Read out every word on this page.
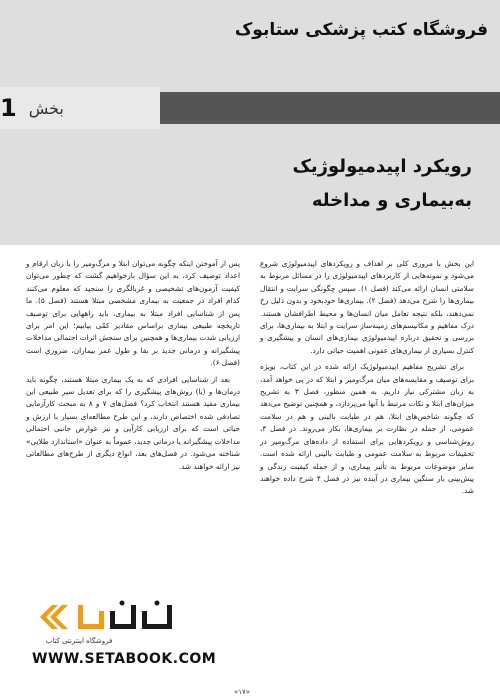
فروشگاه کتب پزشکی ستابوک
بخش
1
رویکرد اپیدمیولوژیک
به‌بیماری و مداخله

این بخش با مروری کلی بر اهداف و رویکردهای اپیدمیولوژی شروع می‌شود و نمونه‌هایی از کاربردهای اپیدمیولوژی را در مسائل مربوط به سلامتی انسان ارائه می‌کند (فصل ۱). سپس چگونگی سرایت و انتقال بیماری‌ها را شرح می‌دهد (فصل ۲). بیماری‌ها خودبخود و بدون دلیل رخ نمی‌دهند، بلکه نتیجه تعامل میان انسان‌ها و محیط اطرافشان هستند. درک مفاهیم و مکانیسم‌های زمینه‌ساز سرایت و ابتلا به بیماری‌ها، برای بررسی و تحقیق درباره اپیدمیولوژی بیماری‌های انسان و پیشگیری و کنترل بسیاری از بیماری‌های عفونی اهمیت حیاتی دارد.

برای تشریح مفاهیم اپیدمیولوژیک ارائه شده در این کتاب، بویژه برای توصیف و مقایسه‌های میان مرگ‌ومیر و ابتلا که در پی خواهد آمد، به زبان مشترکی نیاز داریم. به همین منظور، فصل ۳ به تشریح میزان‌های ابتلا و نکات مرتبط با آنها می‌پردازد، و همچنین توضیح می‌دهد که چگونه شاخص‌های ابتلا، هم در طبابت بالینی و هم در سلامت عمومی، از جمله در نظارت بر بیماری‌ها، بکار می‌روند. در فصل ۴، روش‌شناسی و رویکردهایی برای استفاده از داده‌های مرگ‌ومیر در تحقیقات مربوط به سلامت عمومی و طبابت بالینی ارائه شده است. سایر موضوعات مربوط به تأثیر بیماری، و از جمله کیفیت زندگی و پیش‌بینی بار سنگین بیماری در آینده نیز در فصل ۴ شرح داده خواهند شد.

پس از آموختن اینکه چگونه می‌توان ابتلا و مرگ‌ومیر را با زبان ارقام و اعداد توصیف کرد، به این سؤال بازخواهیم گشت که چطور می‌توان کیفیت آزمون‌های تشخیصی و غربالگری را سنجید که معلوم می‌کنند کدام افراد در جمعیت به بیماری مشخصی مبتلا هستند (فصل ۵). ما پس از شناسایی افراد مبتلا به بیماری، باید راههایی برای توصیف تاریخچه طبیعی بیماری براساس مقادیر کمّی بیابیم؛ این امر برای ارزیابی شدت بیماری‌ها و همچنین برای سنجش اثرات احتمالی مداخلات پیشگیرانه و درمانی جدید بر بقا و طول عمر بیماران، ضروری است (فصل ۶).

بعد از شناسایی افرادی که به یک بیماری مبتلا هستند، چگونه باید درمان‌ها و (یا) روش‌های پیشگیری را که برای تعدیل سیر طبیعی این بیماری مفید هستند انتخاب کرد؟ فصل‌های ۷ و ۸ به مبحث کارآزمایی تصادفی شده اختصاص دارند، و این طرح مطالعه‌ای بسیار با ارزش و حیاتی است که برای ارزیابی کارآیی و نیز عوارض جانبی احتمالی مداخلات پیشگیرانه یا درمانی جدید، عموماً به عنوان «استاندارد طلایی» شناخته می‌شود. در فصل‌های بعد، انواع دیگری از طرح‌های مطالعاتی نیز ارائه خواهند شد.

فروشگاه اینترنتی کتاب
WWW.SETABOOK.COM
«۱۷»
